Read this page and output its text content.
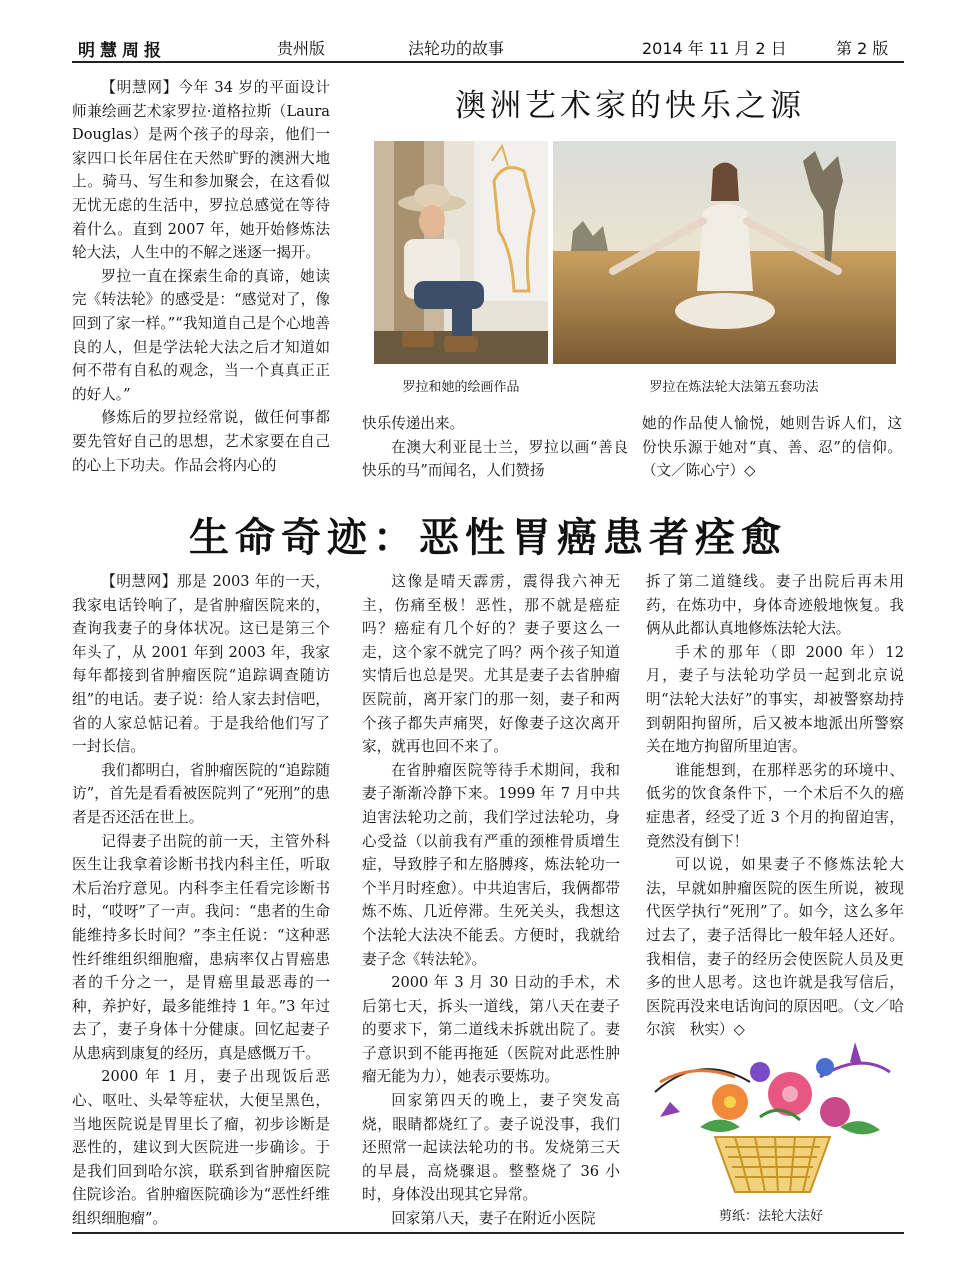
明慧周报	贵州版	法轮功的故事	2014 年 11 月 2 日	第 2 版
澳洲艺术家的快乐之源

【明慧网】今年 34 岁的平面设计师兼绘画艺术家罗拉·道格拉斯（Laura Douglas）是两个孩子的母亲，他们一家四口长年居住在天然旷野的澳洲大地上。骑马、写生和参加聚会，在这看似无忧无虑的生活中，罗拉总感觉在等待着什么。直到 2007 年，她开始修炼法轮大法，人生中的不解之迷逐一揭开。

罗拉一直在探索生命的真谛，她读完《转法轮》的感受是：“感觉对了，像回到了家一样。”“我知道自己是个心地善良的人，但是学法轮大法之后才知道如何不带有自私的观念，当一个真真正正的好人。”

修炼后的罗拉经常说，做任何事都要先管好自己的思想，艺术家要在自己的心上下功夫。作品会将内心的

罗拉和她的绘画作品	罗拉在炼法轮大法第五套功法

快乐传递出来。

在澳大利亚昆士兰，罗拉以画“善良快乐的马”而闻名，人们赞扬

她的作品使人愉悦，她则告诉人们，这份快乐源于她对“真、善、忍”的信仰。（文／陈心宁）◇

生命奇迹：恶性胃癌患者痊愈

【明慧网】那是 2003 年的一天，我家电话铃响了，是省肿瘤医院来的，查询我妻子的身体状况。这已是第三个年头了，从 2001 年到 2003 年，我家每年都接到省肿瘤医院“追踪调查随访组”的电话。妻子说：给人家去封信吧，省的人家总惦记着。于是我给他们写了一封长信。

我们都明白，省肿瘤医院的“追踪随访”，首先是看看被医院判了“死刑”的患者是否还活在世上。

记得妻子出院的前一天，主管外科医生让我拿着诊断书找内科主任，听取术后治疗意见。内科李主任看完诊断书时，“哎呀”了一声。我问：“患者的生命能维持多长时间？”李主任说：“这种恶性纤维组织细胞瘤，患病率仅占胃癌患者的千分之一，是胃癌里最恶毒的一种，养护好，最多能维持 1 年。”3 年过去了，妻子身体十分健康。回忆起妻子从患病到康复的经历，真是感慨万千。

2000 年 1 月，妻子出现饭后恶心、呕吐、头晕等症状，大便呈黑色，当地医院说是胃里长了瘤，初步诊断是恶性的，建议到大医院进一步确诊。于是我们回到哈尔滨，联系到省肿瘤医院住院诊治。省肿瘤医院确诊为“恶性纤维组织细胞瘤”。

这像是晴天霹雳，震得我六神无主，伤痛至极！恶性，那不就是癌症吗？癌症有几个好的？妻子要这么一走，这个家不就完了吗？两个孩子知道实情后也总是哭。尤其是妻子去省肿瘤医院前，离开家门的那一刻，妻子和两个孩子都失声痛哭，好像妻子这次离开家，就再也回不来了。

在省肿瘤医院等待手术期间，我和妻子渐渐冷静下来。1999 年 7 月中共迫害法轮功之前，我们学过法轮功，身心受益（以前我有严重的颈椎骨质增生症，导致脖子和左胳膊疼，炼法轮功一个半月时痊愈）。中共迫害后，我俩都带炼不炼、几近停滞。生死关头，我想这个法轮大法决不能丢。方便时，我就给妻子念《转法轮》。

2000 年 3 月 30 日动的手术，术后第七天，拆头一道线，第八天在妻子的要求下，第二道线未拆就出院了。妻子意识到不能再拖延（医院对此恶性肿瘤无能为力），她表示要炼功。

回家第四天的晚上，妻子突发高烧，眼睛都烧红了。妻子说没事，我们还照常一起读法轮功的书。发烧第三天的早晨，高烧骤退。整整烧了 36 小时，身体没出现其它异常。

回家第八天，妻子在附近小医院

拆了第二道缝线。妻子出院后再未用药，在炼功中，身体奇迹般地恢复。我俩从此都认真地修炼法轮大法。

手术的那年（即 2000 年）12 月，妻子与法轮功学员一起到北京说明“法轮大法好”的事实，却被警察劫持到朝阳拘留所，后又被本地派出所警察关在地方拘留所里迫害。

谁能想到，在那样恶劣的环境中、低劣的饮食条件下，一个术后不久的癌症患者，经受了近 3 个月的拘留迫害，竟然没有倒下！

可以说，如果妻子不修炼法轮大法，早就如肿瘤医院的医生所说，被现代医学执行“死刑”了。如今，这么多年过去了，妻子活得比一般年轻人还好。我相信，妻子的经历会使医院人员及更多的世人思考。这也许就是我写信后，医院再没来电话询问的原因吧。（文／哈尔滨　秋实）◇

剪纸：法轮大法好
